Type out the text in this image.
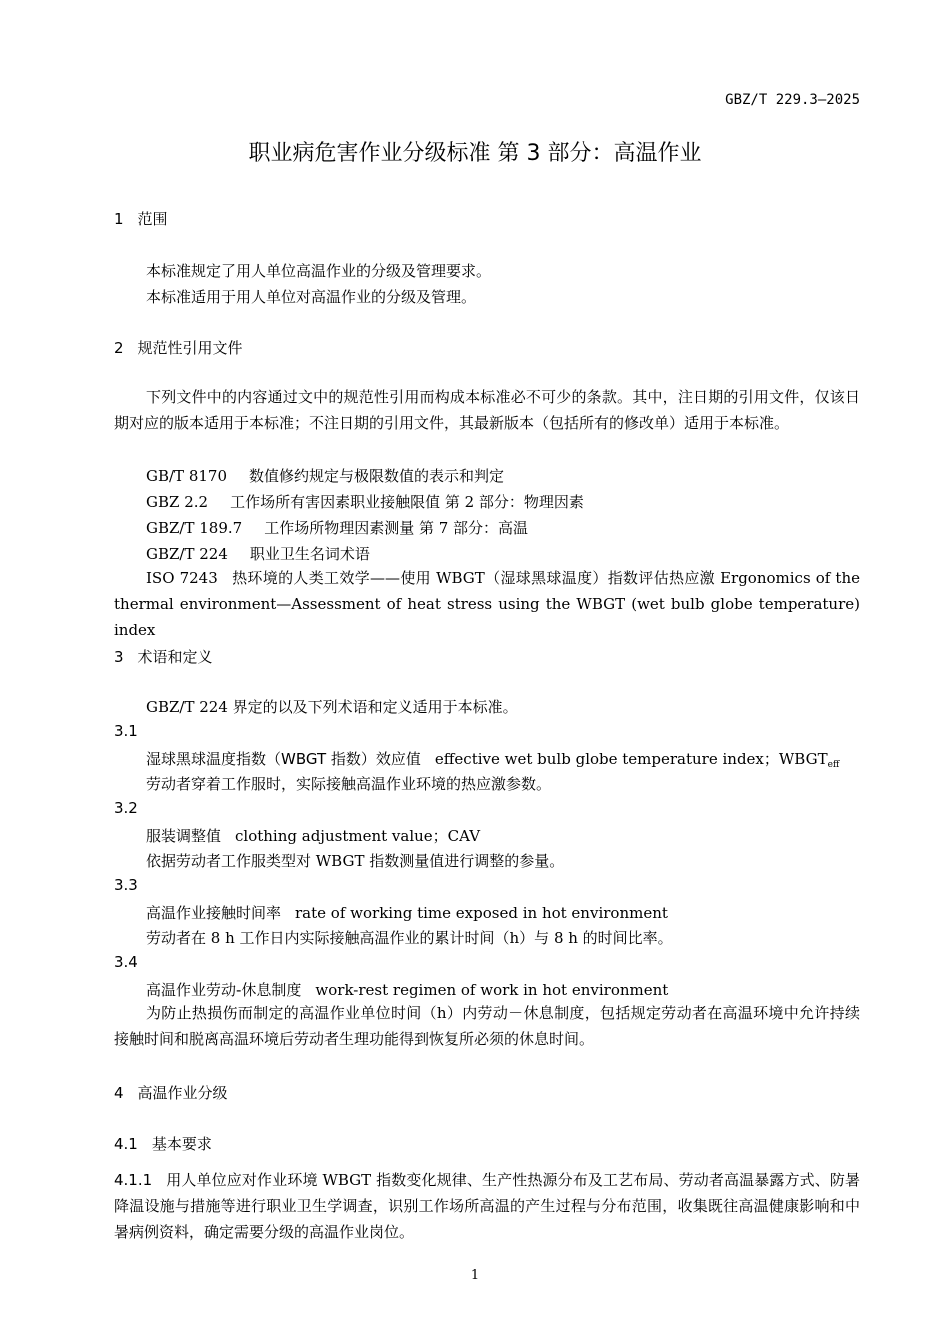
GBZ/T 229.3—2025
职业病危害作业分级标准 第 3 部分：高温作业
1 范围
本标准规定了用人单位高温作业的分级及管理要求。
本标准适用于用人单位对高温作业的分级及管理。
2 规范性引用文件
下列文件中的内容通过文中的规范性引用而构成本标准必不可少的条款。其中，注日期的引用文件，仅该日期对应的版本适用于本标准；不注日期的引用文件，其最新版本（包括所有的修改单）适用于本标准。
GB/T 8170 数值修约规定与极限数值的表示和判定
GBZ 2.2 工作场所有害因素职业接触限值 第 2 部分：物理因素
GBZ/T 189.7 工作场所物理因素测量 第 7 部分：高温
GBZ/T 224 职业卫生名词术语
ISO 7243 热环境的人类工效学——使用 WBGT（湿球黑球温度）指数评估热应激 Ergonomics of the thermal environment—Assessment of heat stress using the WBGT (wet bulb globe temperature) index
3 术语和定义
GBZ/T 224 界定的以及下列术语和定义适用于本标准。
3.1
湿球黑球温度指数（WBGT 指数）效应值 effective wet bulb globe temperature index；$WBGT_{eff}$
劳动者穿着工作服时，实际接触高温作业环境的热应激参数。
3.2
服装调整值 clothing adjustment value；CAV
依据劳动者工作服类型对 WBGT 指数测量值进行调整的参量。
3.3
高温作业接触时间率 rate of working time exposed in hot environment
劳动者在 8 h 工作日内实际接触高温作业的累计时间（h）与 8 h 的时间比率。
3.4
高温作业劳动-休息制度 work-rest regimen of work in hot environment
为防止热损伤而制定的高温作业单位时间（h）内劳动－休息制度，包括规定劳动者在高温环境中允许持续接触时间和脱离高温环境后劳动者生理功能得到恢复所必须的休息时间。
4 高温作业分级
4.1 基本要求
4.1.1 用人单位应对作业环境 WBGT 指数变化规律、生产性热源分布及工艺布局、劳动者高温暴露方式、防暑降温设施与措施等进行职业卫生学调查，识别工作场所高温的产生过程与分布范围，收集既往高温健康影响和中暑病例资料，确定需要分级的高温作业岗位。
1
